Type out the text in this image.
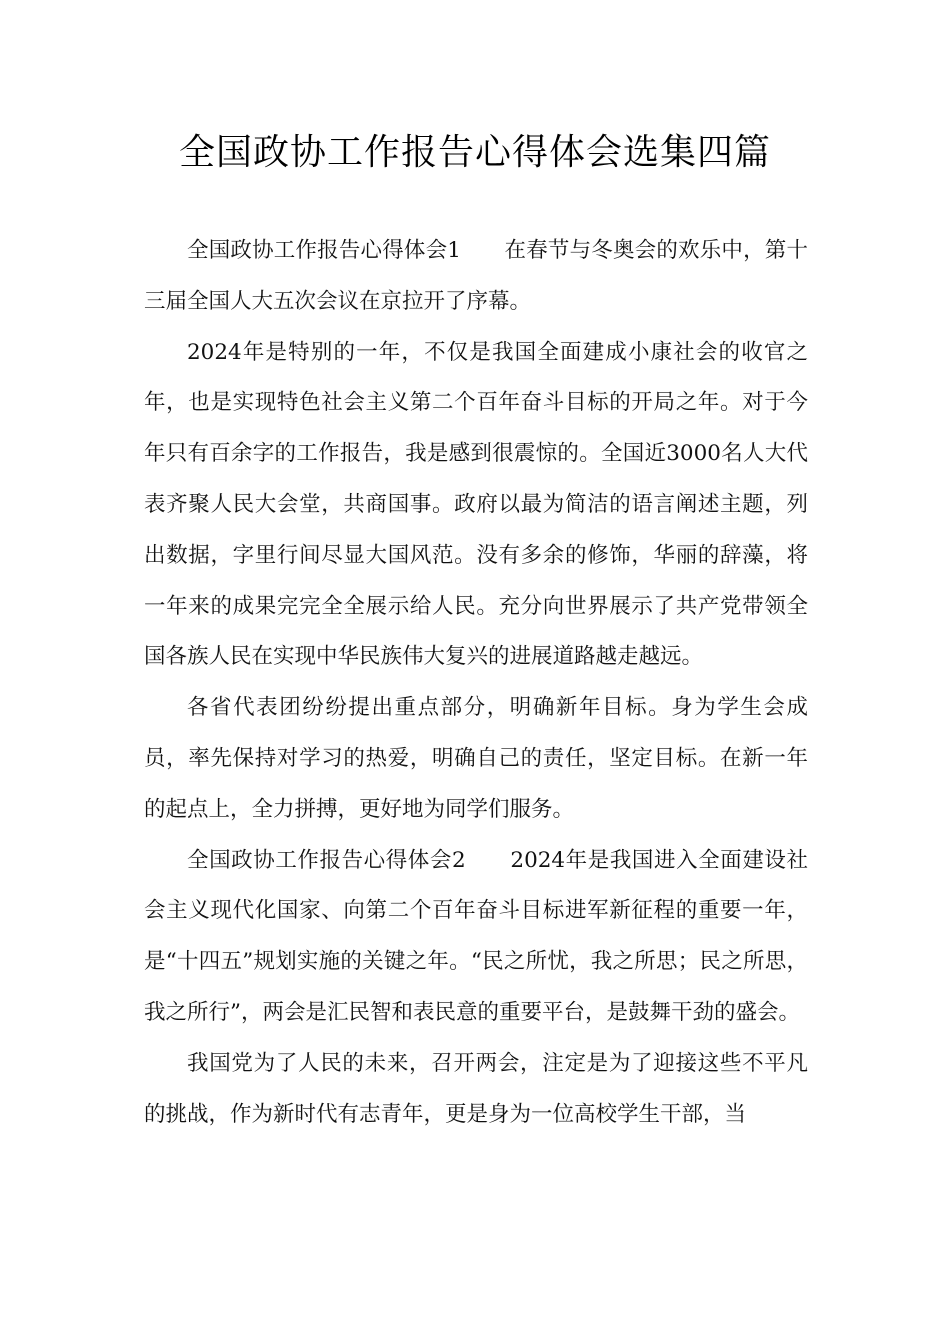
全国政协工作报告心得体会选集四篇

全国政协工作报告心得体会1　　在春节与冬奥会的欢乐中，第十三届全国人大五次会议在京拉开了序幕。

2024年是特别的一年，不仅是我国全面建成小康社会的收官之年，也是实现特色社会主义第二个百年奋斗目标的开局之年。对于今年只有百余字的工作报告，我是感到很震惊的。全国近3000名人大代表齐聚人民大会堂，共商国事。政府以最为简洁的语言阐述主题，列出数据，字里行间尽显大国风范。没有多余的修饰，华丽的辞藻，将一年来的成果完完全全展示给人民。充分向世界展示了共产党带领全国各族人民在实现中华民族伟大复兴的进展道路越走越远。

各省代表团纷纷提出重点部分，明确新年目标。身为学生会成员，率先保持对学习的热爱，明确自己的责任，坚定目标。在新一年的起点上，全力拼搏，更好地为同学们服务。

全国政协工作报告心得体会2　　2024年是我国进入全面建设社会主义现代化国家、向第二个百年奋斗目标进军新征程的重要一年，是“十四五”规划实施的关键之年。“民之所忧，我之所思；民之所思，我之所行”，两会是汇民智和表民意的重要平台，是鼓舞干劲的盛会。

我国党为了人民的未来，召开两会，注定是为了迎接这些不平凡的挑战，作为新时代有志青年，更是身为一位高校学生干部，当
